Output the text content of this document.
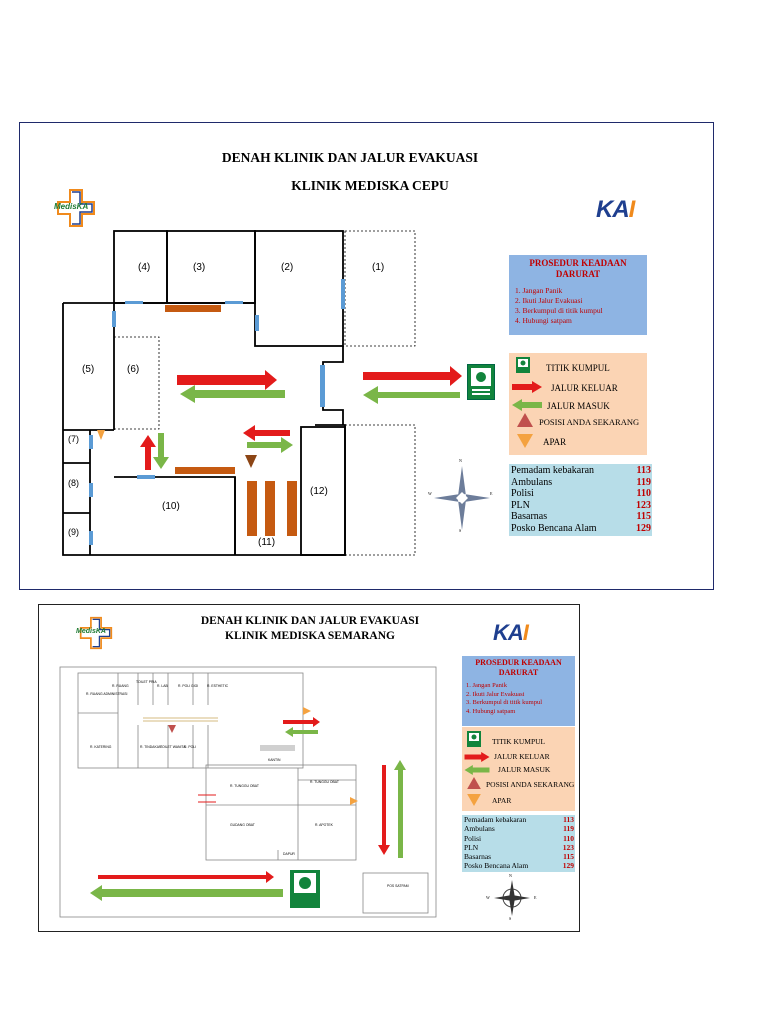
DENAH KLINIK DAN JALUR EVAKUASI
KLINIK MEDISKA CEPU
MedisKA	KAI
(4)	(3)	(2)	(1)
(5)	(6)
(7)
(8)
(9)
(10)
(11)
(12)
N
W	E
S
PROSEDUR KEADAAN DARURAT
1. Jangan Panik
2. Ikuti Jalur Evakuasi
3. Berkumpul di titik kumpul
4. Hubungi satpam
TITIK KUMPUL
JALUR KELUAR
JALUR MASUK
POSISI ANDA SEKARANG
APAR
Pemadam kebakaran	113
Ambulans	119
Polisi	110
PLN	123
Basarnas	115
Posko Bencana Alam	129
DENAH KLINIK DAN JALUR EVAKUASI
KLINIK MEDISKA SEMARANG
MedisKA	KAI
R. RUANG ADMINISTRASI
R. RUANG
TOILET PRIA
TOILET WANITA
R. POLI GIGI	R. ESTHETIC
R. LAB
R. KATERING	R. POLI
R. TINDAKAN
R. TUNGGU OBAT
R. TUNGGU OBAT
GUDANG OBAT	R. APOTEK
DAPUR
KANTIN
POS SATPAM
PROSEDUR KEADAAN DARURAT
1. Jangan Panik
2. Ikuti Jalur Evakuasi
3. Berkumpul di titik kumpul
4. Hubungi satpam
TITIK KUMPUL
JALUR KELUAR
JALUR MASUK
POSISI ANDA SEKARANG
APAR
Pemadam kebakaran	113
Ambulans	119
Polisi	110
PLN	123
Basarnas	115
Posko Bencana Alam	129
N
W	E
S
